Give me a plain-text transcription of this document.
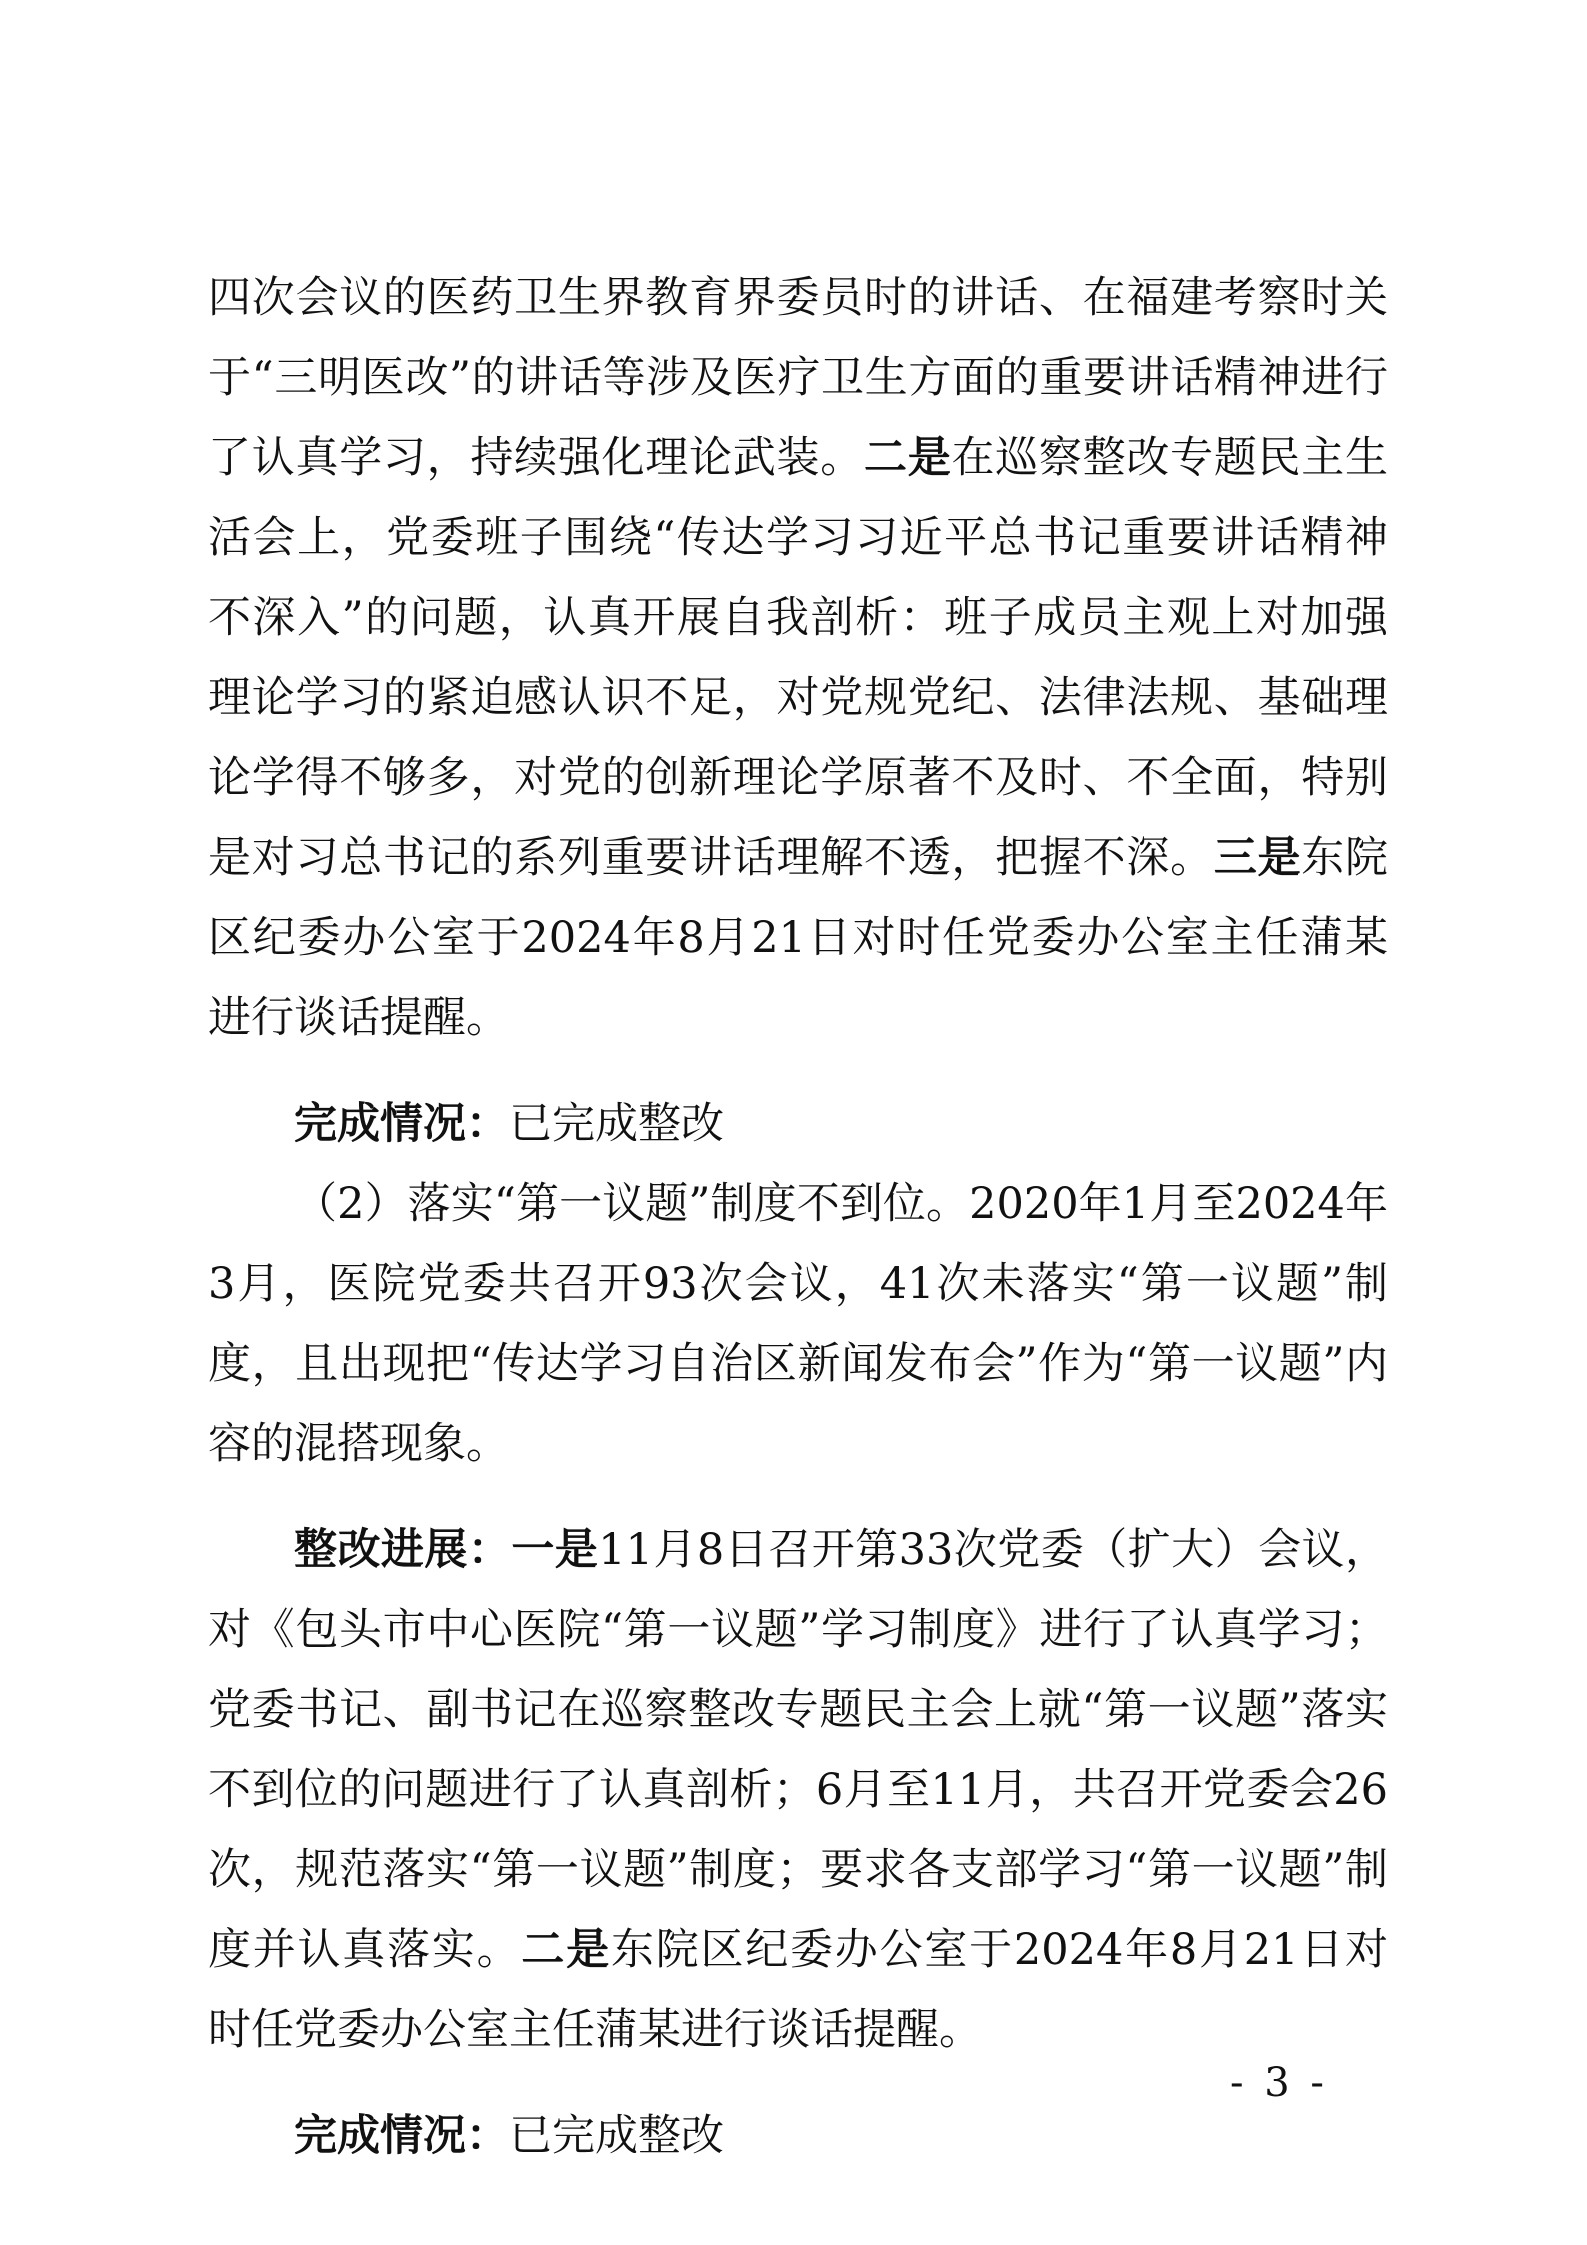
四次会议的医药卫生界教育界委员时的讲话、在福建考察时关于“三明医改”的讲话等涉及医疗卫生方面的重要讲话精神进行了认真学习，持续强化理论武装。二是在巡察整改专题民主生活会上，党委班子围绕“传达学习习近平总书记重要讲话精神不深入”的问题，认真开展自我剖析：班子成员主观上对加强理论学习的紧迫感认识不足，对党规党纪、法律法规、基础理论学得不够多，对党的创新理论学原著不及时、不全面，特别是对习总书记的系列重要讲话理解不透，把握不深。三是东院区纪委办公室于2024年8月21日对时任党委办公室主任蒲某进行谈话提醒。

完成情况：已完成整改

（2）落实“第一议题”制度不到位。2020年1月至2024年3月，医院党委共召开93次会议，41次未落实“第一议题”制度，且出现把“传达学习自治区新闻发布会”作为“第一议题”内容的混搭现象。

整改进展：一是11月8日召开第33次党委（扩大）会议，对《包头市中心医院“第一议题”学习制度》进行了认真学习；党委书记、副书记在巡察整改专题民主会上就“第一议题”落实不到位的问题进行了认真剖析；6月至11月，共召开党委会26次，规范落实“第一议题”制度；要求各支部学习“第一议题”制度并认真落实。二是东院区纪委办公室于2024年8月21日对时任党委办公室主任蒲某进行谈话提醒。

完成情况：已完成整改

- 3 -
